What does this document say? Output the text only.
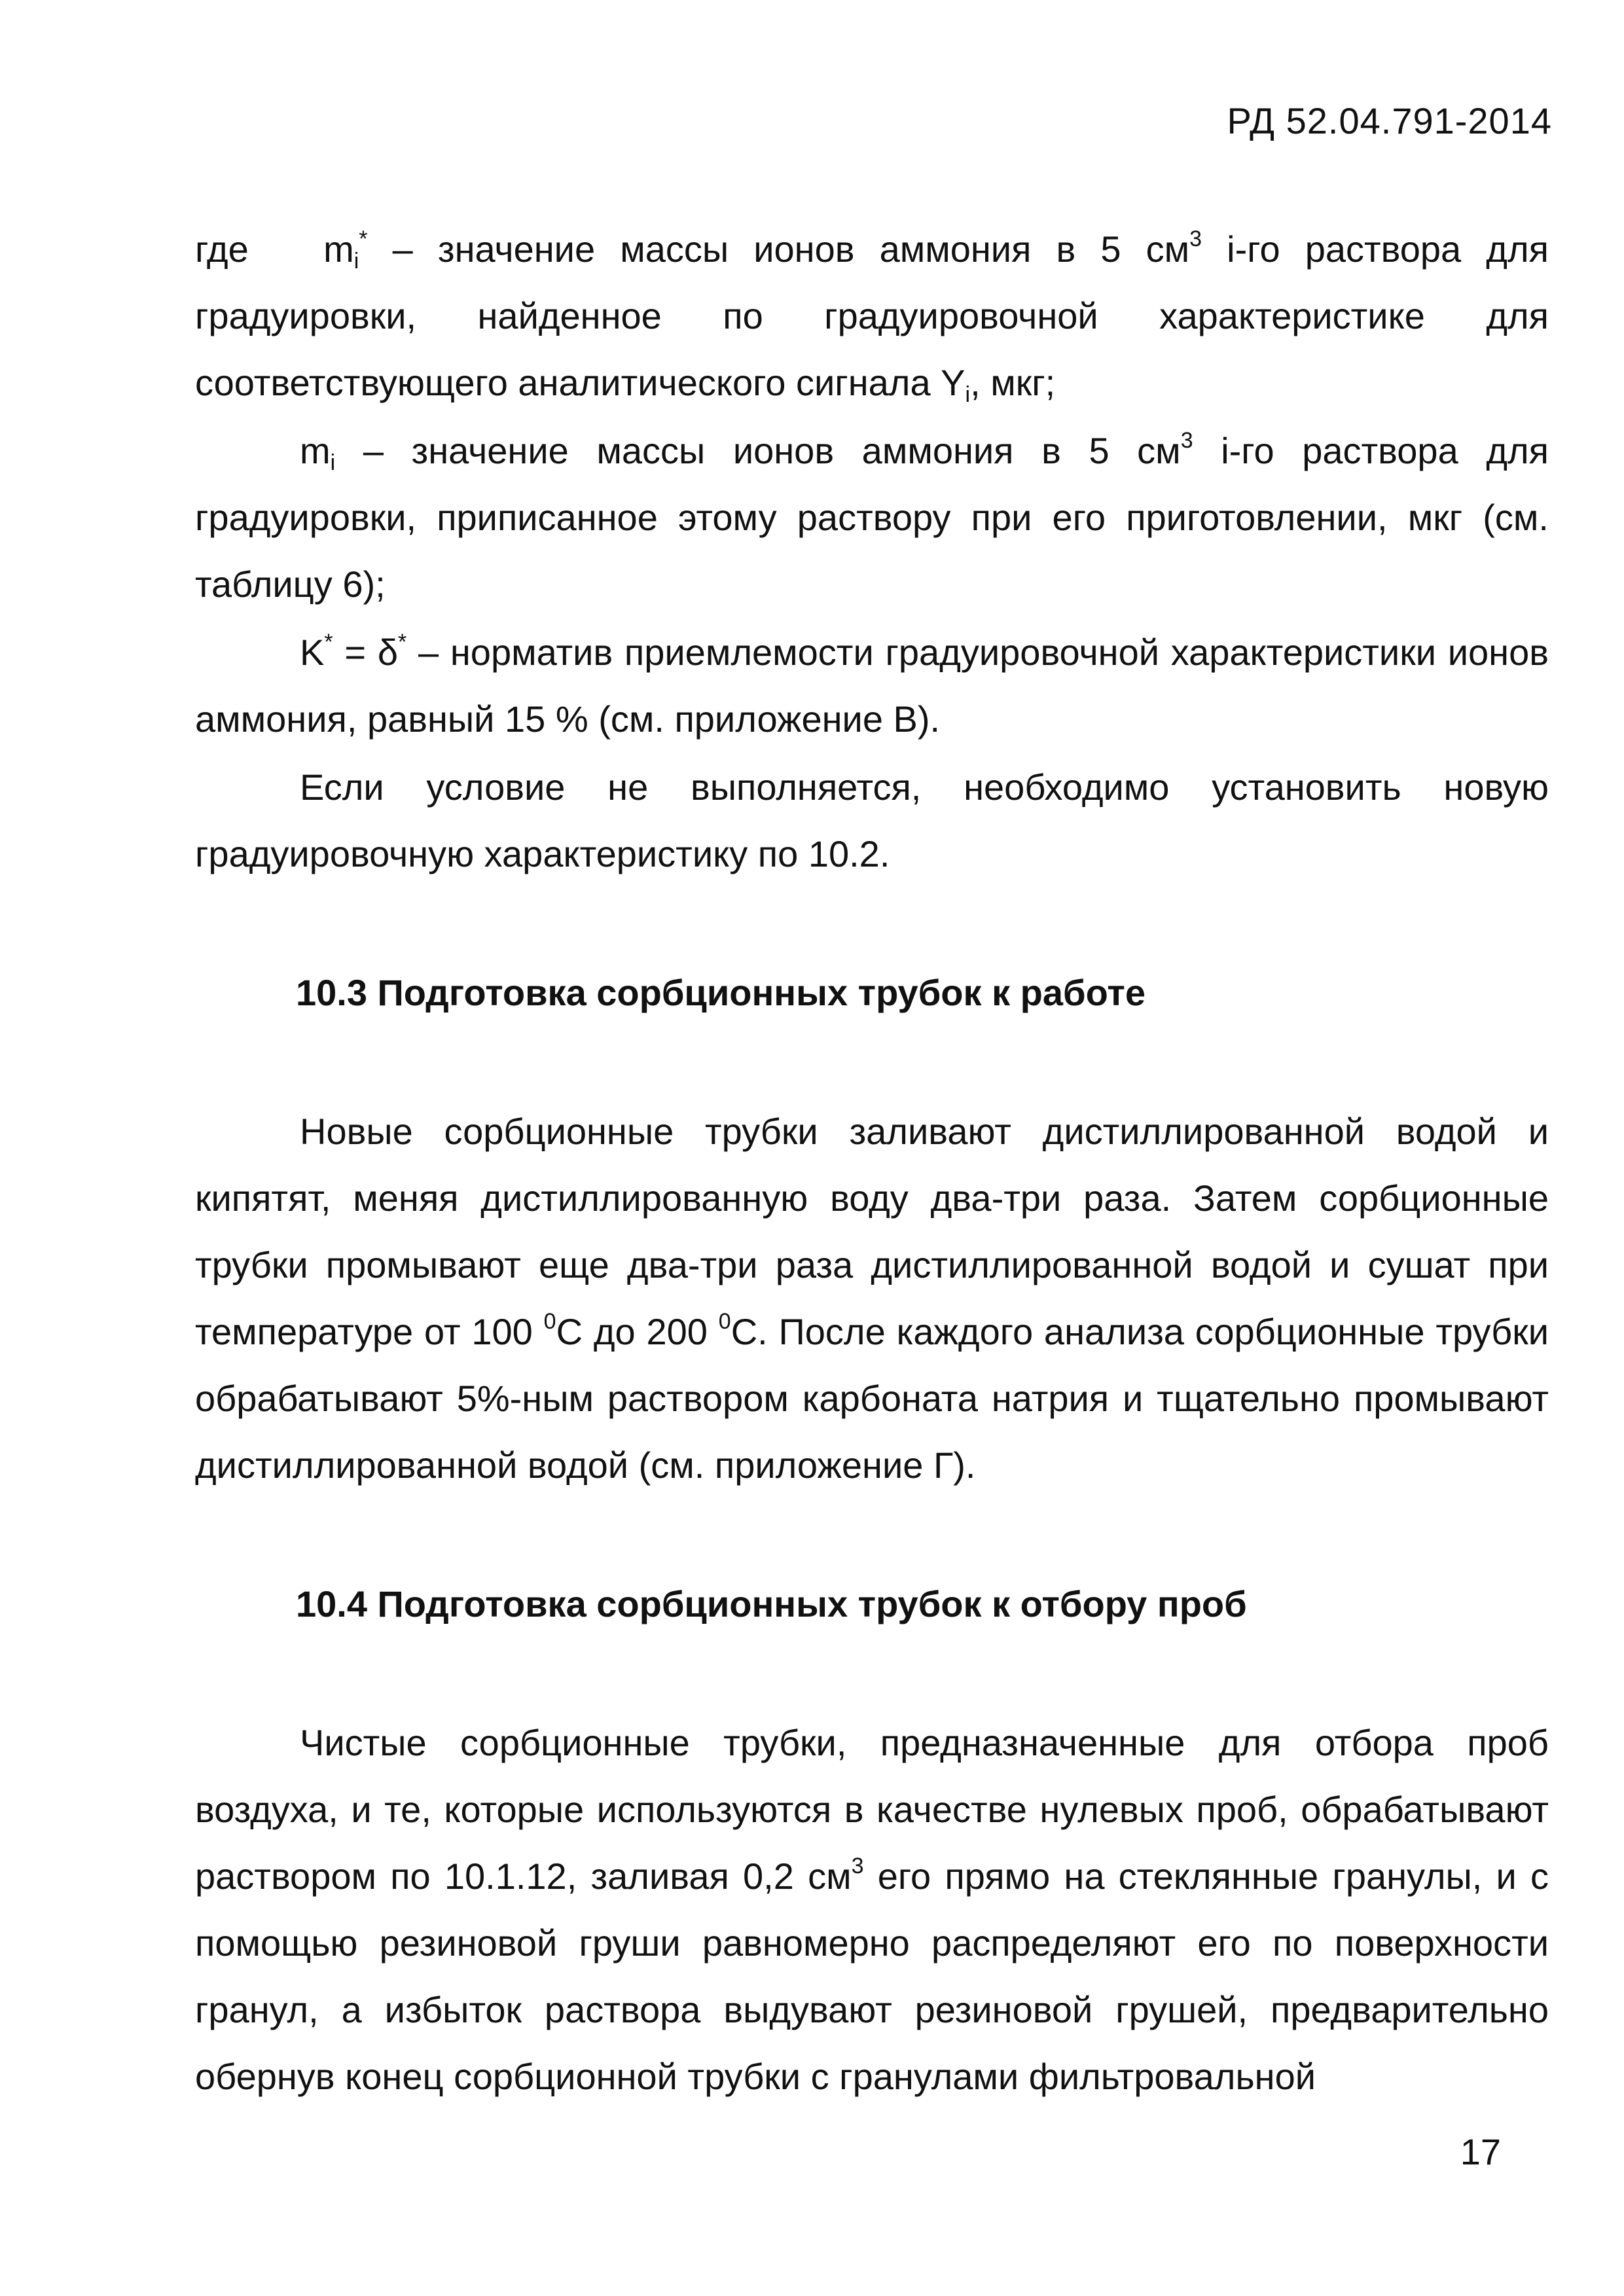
РД 52.04.791-2014

где $m_i^*$ – значение массы ионов аммония в 5 $см^3$ i-го раствора для градуировки, найденное по градуировочной характеристике для соответствующего аналитического сигнала $Y_i$, мкг;

$m_i$ – значение массы ионов аммония в 5 $см^3$ i-го раствора для градуировки, приписанное этому раствору при его приготовлении, мкг (см. таблицу 6);

K* = δ* – норматив приемлемости градуировочной характеристики ионов аммония, равный 15 % (см. приложение В).

Если условие не выполняется, необходимо установить новую градуировочную характеристику по 10.2.

10.3 Подготовка сорбционных трубок к работе

Новые сорбционные трубки заливают дистиллированной водой и кипятят, меняя дистиллированную воду два-три раза. Затем сорбционные трубки промывают еще два-три раза дистиллированной водой и сушат при температуре от 100 $^0$С до 200 $^0$С. После каждого анализа сорбционные трубки обрабатывают 5%-ным раствором карбоната натрия и тщательно промывают дистиллированной водой (см. приложение Г).

10.4 Подготовка сорбционных трубок к отбору проб

Чистые сорбционные трубки, предназначенные для отбора проб воздуха, и те, которые используются в качестве нулевых проб, обрабатывают раствором по 10.1.12, заливая 0,2 $см^3$ его прямо на стеклянные гранулы, и с помощью резиновой груши равномерно распределяют его по поверхности гранул, а избыток раствора выдувают резиновой грушей, предварительно обернув конец сорбционной трубки с гранулами фильтровальной

17
